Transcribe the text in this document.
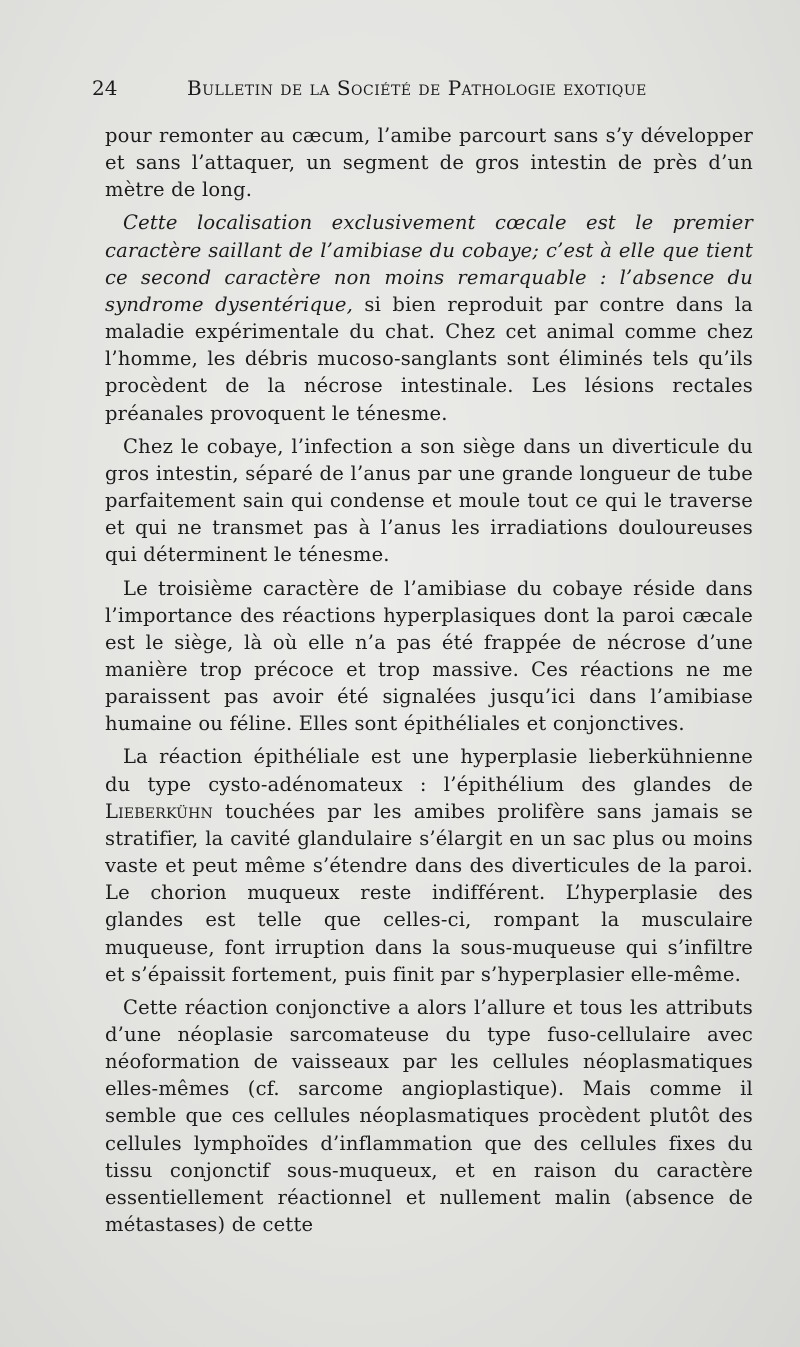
24	Bulletin de la Société de Pathologie exotique

pour remonter au cæcum, l’amibe parcourt sans s’y développer et sans l’attaquer, un segment de gros intestin de près d’un mètre de long.

Cette localisation exclusivement cœcale est le premier caractère saillant de l’amibiase du cobaye; c’est à elle que tient ce second caractère non moins remarquable : l’absence du syndrome dysentérique, si bien reproduit par contre dans la maladie expérimentale du chat. Chez cet animal comme chez l’homme, les débris mucoso-sanglants sont éliminés tels qu’ils procèdent de la nécrose intestinale. Les lésions rectales préanales provoquent le ténesme.

Chez le cobaye, l’infection a son siège dans un diverticule du gros intestin, séparé de l’anus par une grande longueur de tube parfaitement sain qui condense et moule tout ce qui le traverse et qui ne transmet pas à l’anus les irradiations douloureuses qui déterminent le ténesme.

Le troisième caractère de l’amibiase du cobaye réside dans l’importance des réactions hyperplasiques dont la paroi cæcale est le siège, là où elle n’a pas été frappée de nécrose d’une manière trop précoce et trop massive. Ces réactions ne me paraissent pas avoir été signalées jusqu’ici dans l’amibiase humaine ou féline. Elles sont épithéliales et conjonctives.

La réaction épithéliale est une hyperplasie lieberkühnienne du type cysto-adénomateux : l’épithélium des glandes de Lieberkühn touchées par les amibes prolifère sans jamais se stratifier, la cavité glandulaire s’élargit en un sac plus ou moins vaste et peut même s’étendre dans des diverticules de la paroi. Le chorion muqueux reste indifférent. L’hyperplasie des glandes est telle que celles-ci, rompant la musculaire muqueuse, font irruption dans la sous-muqueuse qui s’infiltre et s’épaissit fortement, puis finit par s’hyperplasier elle-même.

Cette réaction conjonctive a alors l’allure et tous les attributs d’une néoplasie sarcomateuse du type fuso-cellulaire avec néoformation de vaisseaux par les cellules néoplasmatiques elles-mêmes (cf. sarcome angioplastique). Mais comme il semble que ces cellules néoplasmatiques procèdent plutôt des cellules lymphoïdes d’inflammation que des cellules fixes du tissu conjonctif sous-muqueux, et en raison du caractère essentiellement réactionnel et nullement malin (absence de métastases) de cette
